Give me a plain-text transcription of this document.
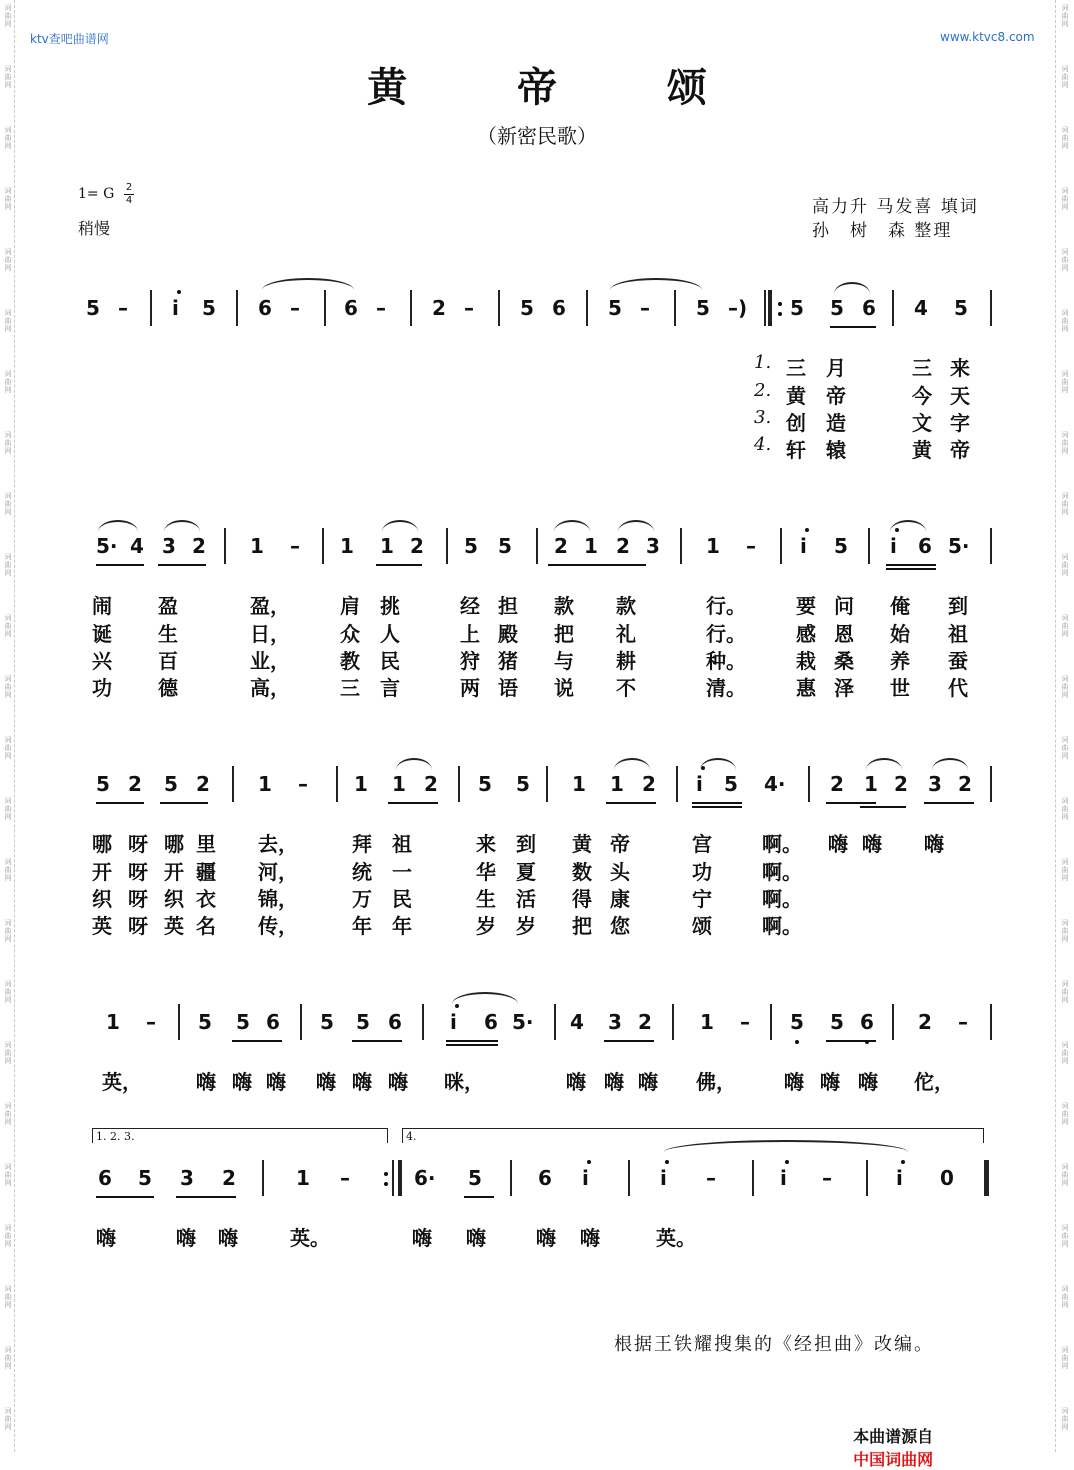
词曲网
词曲网
词曲网
词曲网
词曲网
词曲网
词曲网
词曲网
词曲网
词曲网
词曲网
词曲网
词曲网
词曲网
词曲网
词曲网
词曲网
词曲网
词曲网
词曲网
词曲网
词曲网
词曲网
词曲网
词曲网
词曲网
词曲网
词曲网
词曲网
词曲网
词曲网
词曲网
词曲网
词曲网
词曲网
词曲网
词曲网
词曲网
词曲网
词曲网
词曲网
词曲网
词曲网
词曲网
词曲网
词曲网
词曲网
词曲网
ktv查吧曲谱网	www.ktvc8.com
黄 帝 颂
（新密民歌）
1= G 2
4
稍慢
高力升 马发喜 填词
孙　树　森 整理
5 – i 5 6 – 6 – 2 – 5 6 5 – 5 –) 5 5 6 4 5
1. 三 月	三 来
2. 黄 帝	今 天
3. 创 造	文 字
4. 轩 辕	黄 帝
5· 4 3 2 1 – 1 1 2 5 5 2 1 2 3 1 – i 5 i 6 5·
闹 盈	盈，	肩 挑	经 担 款 款	行。	要 问 俺 到
诞 生	日，	众 人	上 殿 把 礼	行。	感 恩 始 祖
兴 百	业，	教 民	狩 猪 与 耕	种。	栽 桑 养 蚕
功 德	高，	三 言	两 语 说 不	清。	惠 泽 世 代
5 2 5 2 1 – 1 1 2 5 5 1 1 2 i 5 4· 2 1 2 3 2
哪 呀 哪 里 去，	拜 祖	来 到 黄 帝	宫	啊。 嗨 嗨 嗨
开 呀 开 疆 河，	统 一	华 夏 数 头	功	啊。
织 呀 织 衣 锦，	万 民	生 活 得 康	宁	啊。
英 呀 英 名 传，	年 年	岁 岁 把 您	颂	啊。
1 – 5 5 6 5 5 6 i 6 5· 4 3 2 1 – 5 5 6 2 –
英，	嗨 嗨 嗨 嗨 嗨 嗨 咪，	嗨 嗨 嗨 佛， 嗨 嗨 嗨 佗，
1. 2. 3.	4.
6 5 3 2	1 –	6· 5	6 i	i –	i –	i 0
嗨	嗨 嗨	英。	嗨 嗨	嗨 嗨	英。
根据王铁耀搜集的《经担曲》改编。

本曲谱源自
中国词曲网
